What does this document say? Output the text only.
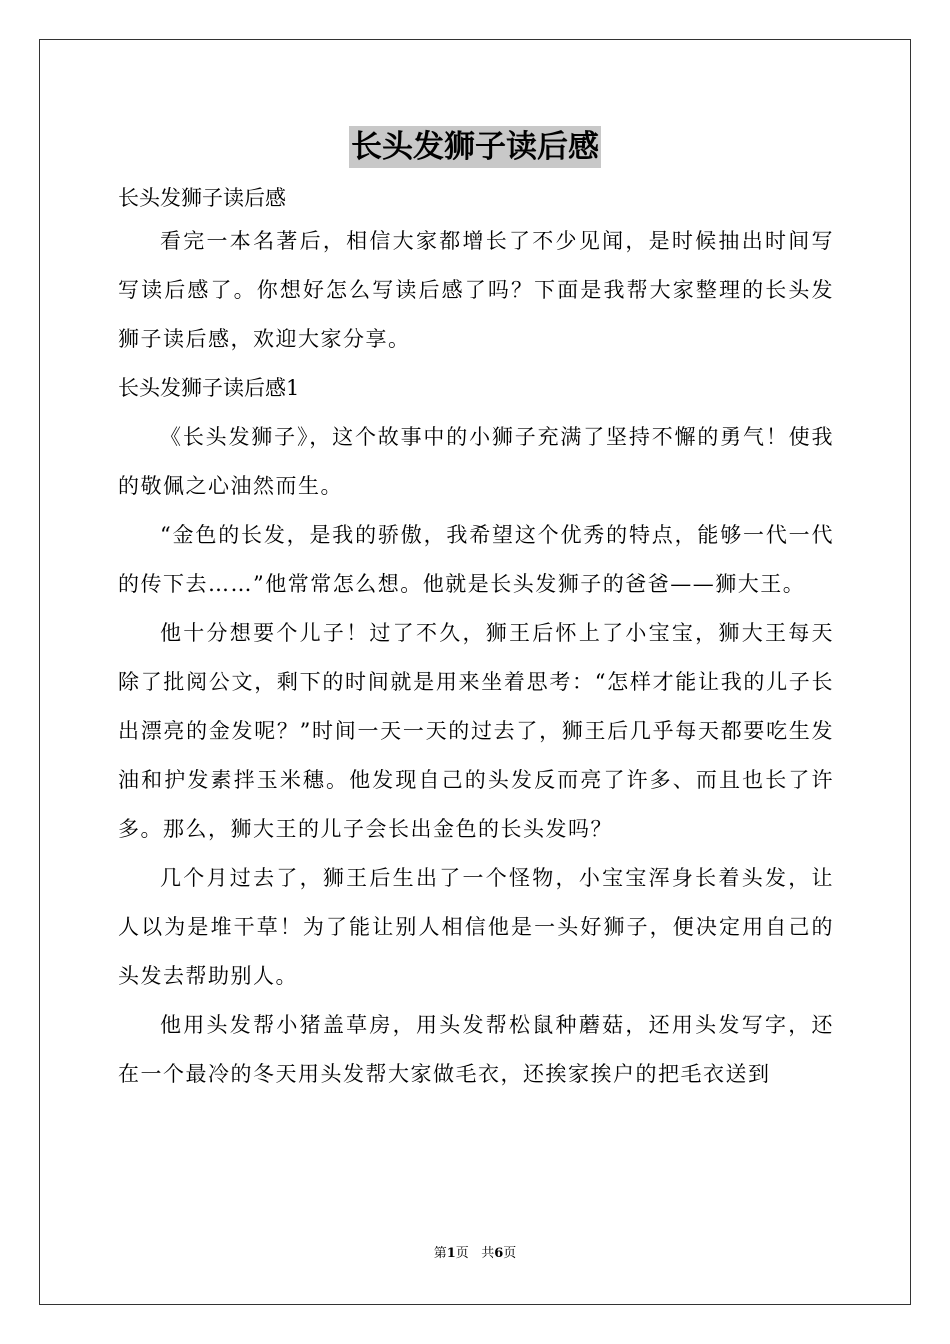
长头发狮子读后感

长头发狮子读后感

看完一本名著后，相信大家都增长了不少见闻，是时候抽出时间写写读后感了。你想好怎么写读后感了吗？下面是我帮大家整理的长头发狮子读后感，欢迎大家分享。

长头发狮子读后感1

《长头发狮子》，这个故事中的小狮子充满了坚持不懈的勇气！使我的敬佩之心油然而生。

“金色的长发，是我的骄傲，我希望这个优秀的特点，能够一代一代的传下去……”他常常怎么想。他就是长头发狮子的爸爸——狮大王。

他十分想要个儿子！过了不久，狮王后怀上了小宝宝，狮大王每天除了批阅公文，剩下的时间就是用来坐着思考：“怎样才能让我的儿子长出漂亮的金发呢？”时间一天一天的过去了，狮王后几乎每天都要吃生发油和护发素拌玉米穗。他发现自己的头发反而亮了许多、而且也长了许多。那么，狮大王的儿子会长出金色的长头发吗？

几个月过去了，狮王后生出了一个怪物，小宝宝浑身长着头发，让人以为是堆干草！为了能让别人相信他是一头好狮子，便决定用自己的头发去帮助别人。

他用头发帮小猪盖草房，用头发帮松鼠种蘑菇，还用头发写字，还在一个最冷的冬天用头发帮大家做毛衣，还挨家挨户的把毛衣送到

第1页 共6页
